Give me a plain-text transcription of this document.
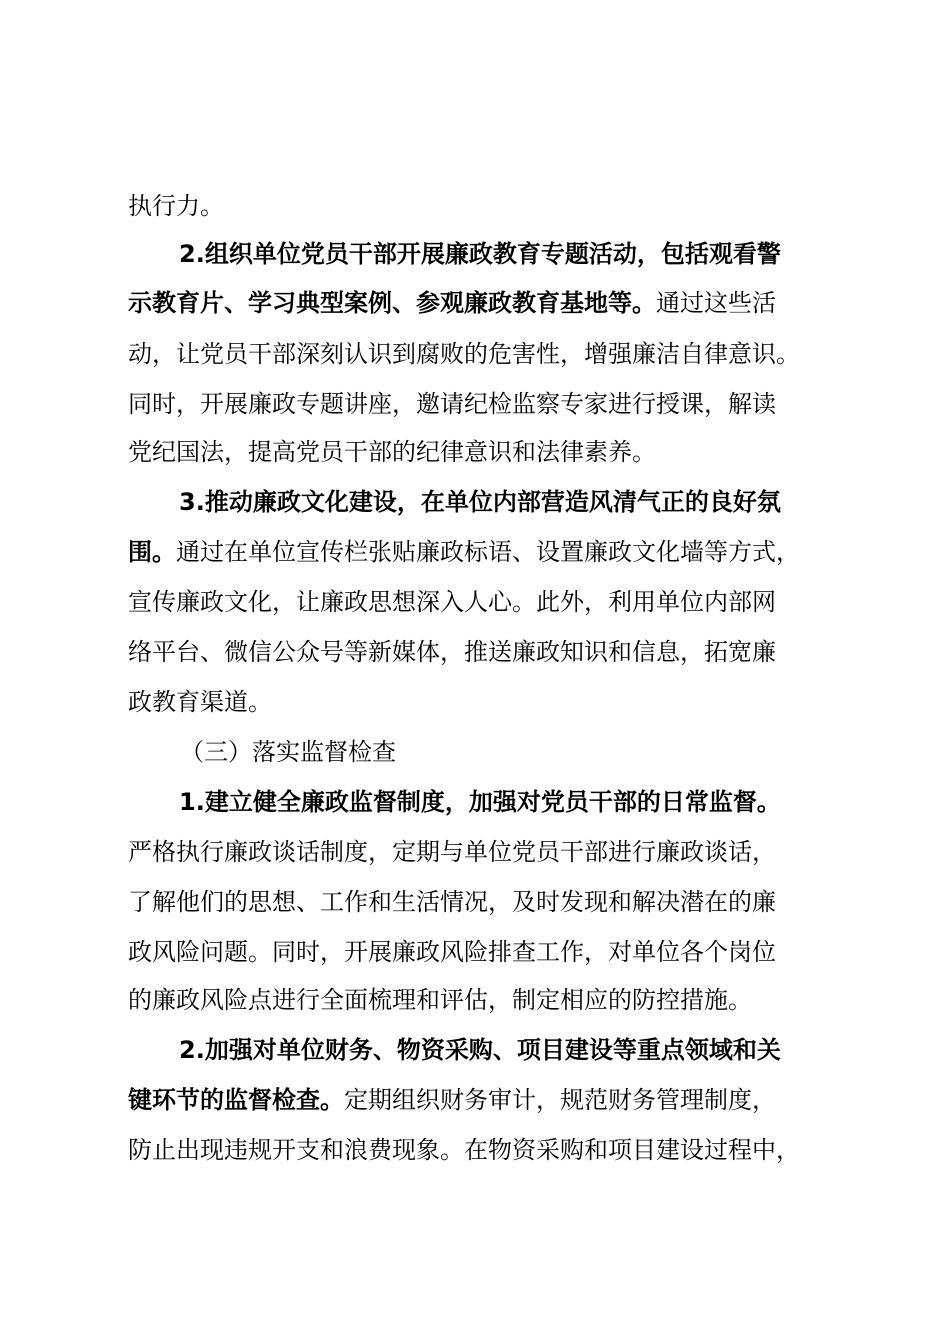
执行力。
2.组织单位党员干部开展廉政教育专题活动，包括观看警
示教育片、学习典型案例、参观廉政教育基地等。通过这些活
动，让党员干部深刻认识到腐败的危害性，增强廉洁自律意识。
同时，开展廉政专题讲座，邀请纪检监察专家进行授课，解读
党纪国法，提高党员干部的纪律意识和法律素养。
3.推动廉政文化建设，在单位内部营造风清气正的良好氛
围。通过在单位宣传栏张贴廉政标语、设置廉政文化墙等方式，
宣传廉政文化，让廉政思想深入人心。此外，利用单位内部网
络平台、微信公众号等新媒体，推送廉政知识和信息，拓宽廉
政教育渠道。
（三）落实监督检查
1.建立健全廉政监督制度，加强对党员干部的日常监督。
严格执行廉政谈话制度，定期与单位党员干部进行廉政谈话，
了解他们的思想、工作和生活情况，及时发现和解决潜在的廉
政风险问题。同时，开展廉政风险排查工作，对单位各个岗位
的廉政风险点进行全面梳理和评估，制定相应的防控措施。
2.加强对单位财务、物资采购、项目建设等重点领域和关
键环节的监督检查。定期组织财务审计，规范财务管理制度，
防止出现违规开支和浪费现象。在物资采购和项目建设过程中，
